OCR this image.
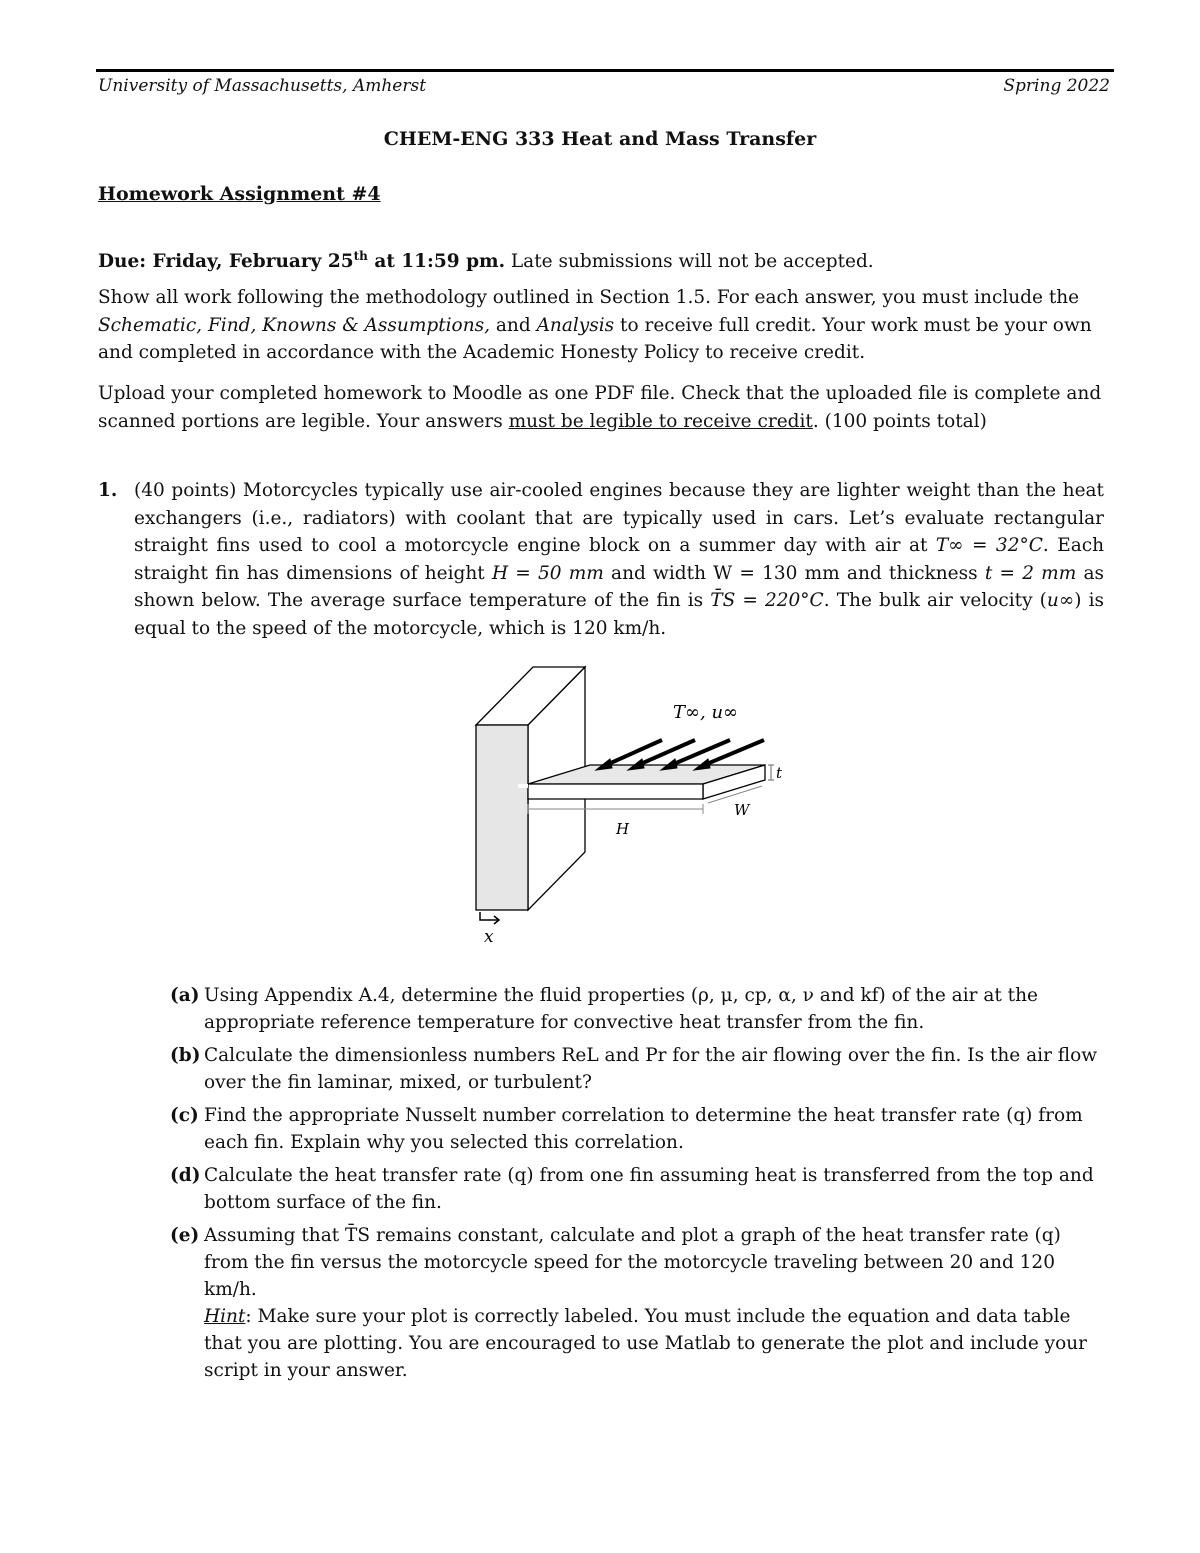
University of Massachusetts, Amherst	Spring 2022
CHEM-ENG 333 Heat and Mass Transfer
Homework Assignment #4
Due: Friday, February 25th at 11:59 pm. Late submissions will not be accepted.
Show all work following the methodology outlined in Section 1.5. For each answer, you must include the Schematic, Find, Knowns & Assumptions, and Analysis to receive full credit. Your work must be your own and completed in accordance with the Academic Honesty Policy to receive credit.
Upload your completed homework to Moodle as one PDF file. Check that the uploaded file is complete and scanned portions are legible. Your answers must be legible to receive credit. (100 points total)
1. (40 points) Motorcycles typically use air-cooled engines because they are lighter weight than the heat exchangers (i.e., radiators) with coolant that are typically used in cars. Let’s evaluate rectangular straight fins used to cool a motorcycle engine block on a summer day with air at T∞ = 32°C. Each straight fin has dimensions of height H = 50 mm and width W = 130 mm and thickness t = 2 mm as shown below. The average surface temperature of the fin is T̄S = 220°C. The bulk air velocity (u∞) is equal to the speed of the motorcycle, which is 120 km/h.
T∞, u∞
t
W
H
x
(a) Using Appendix A.4, determine the fluid properties (ρ, μ, cp, α, ν and kf) of the air at the appropriate reference temperature for convective heat transfer from the fin.
(b) Calculate the dimensionless numbers ReL and Pr for the air flowing over the fin. Is the air flow over the fin laminar, mixed, or turbulent?
(c) Find the appropriate Nusselt number correlation to determine the heat transfer rate (q) from each fin. Explain why you selected this correlation.
(d) Calculate the heat transfer rate (q) from one fin assuming heat is transferred from the top and bottom surface of the fin.
(e) Assuming that T̄S remains constant, calculate and plot a graph of the heat transfer rate (q) from the fin versus the motorcycle speed for the motorcycle traveling between 20 and 120 km/h.
Hint: Make sure your plot is correctly labeled. You must include the equation and data table that you are plotting. You are encouraged to use Matlab to generate the plot and include your script in your answer.
